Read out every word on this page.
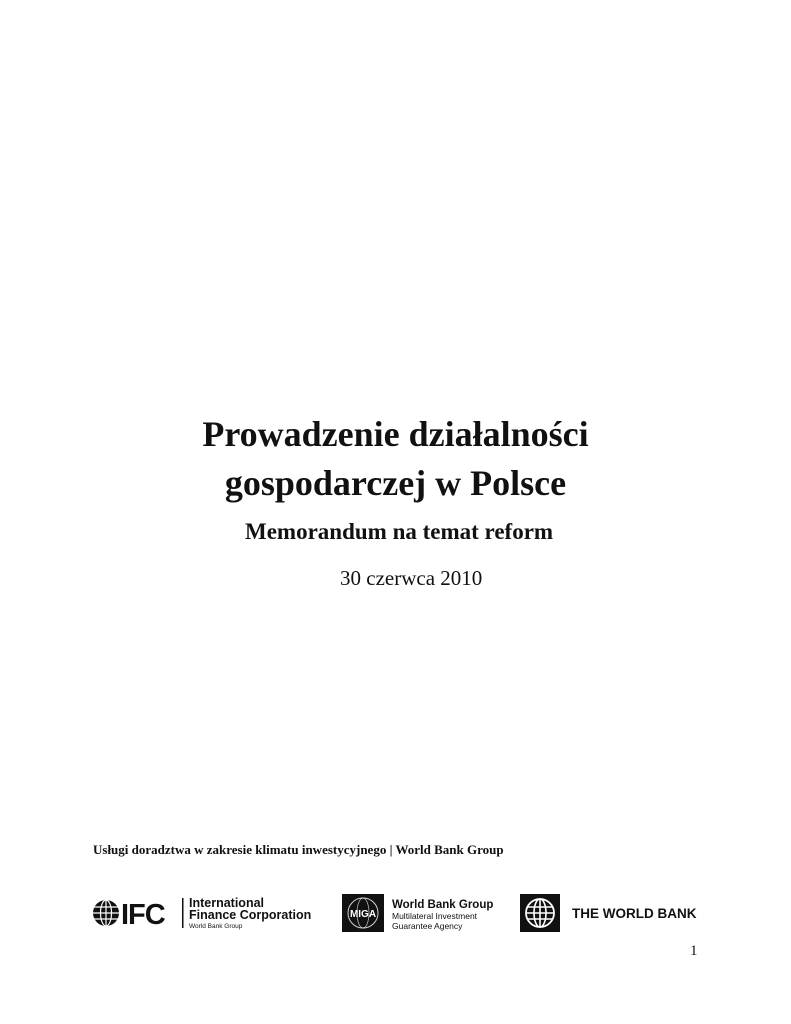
Prowadzenie działalności
gospodarczej w Polsce

Memorandum na temat reform

30 czerwca 2010

Usługi doradztwa w zakresie klimatu inwestycyjnego | World Bank Group

IFC International
Finance Corporation
World Bank Group
MIGA
World Bank Group
Multilateral Investment
Guarantee Agency
THE WORLD BANK

1
